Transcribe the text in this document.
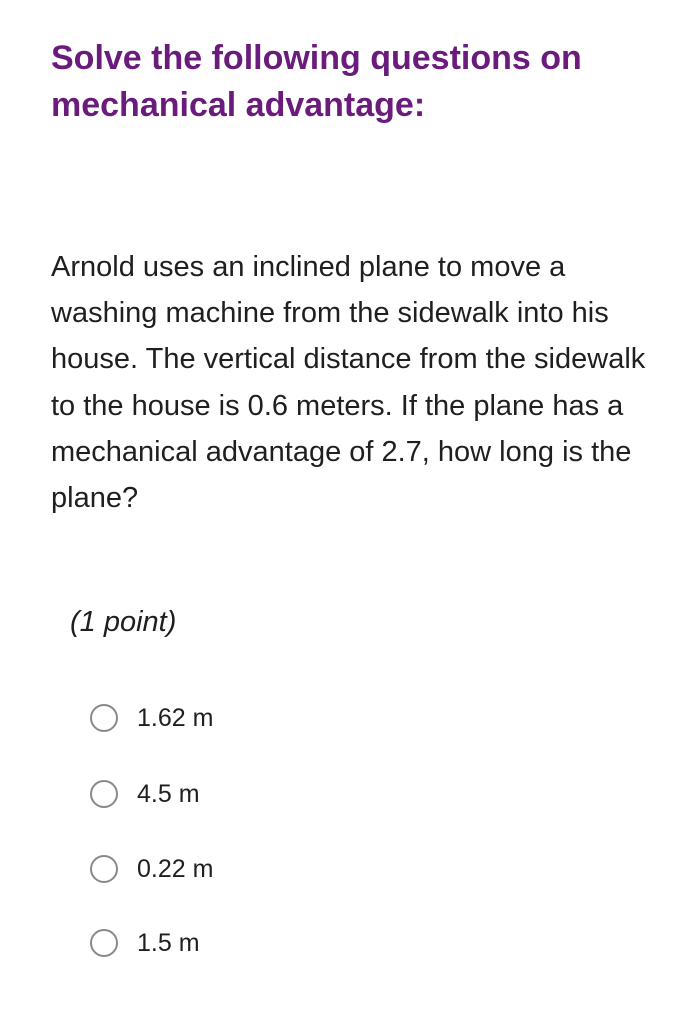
Solve the following questions on mechanical advantage:

Arnold uses an inclined plane to move a washing machine from the sidewalk into his house. The vertical distance from the sidewalk to the house is 0.6 meters. If the plane has a mechanical advantage of 2.7, how long is the plane?

(1 point)
1.62 m
4.5 m
0.22 m
1.5 m
